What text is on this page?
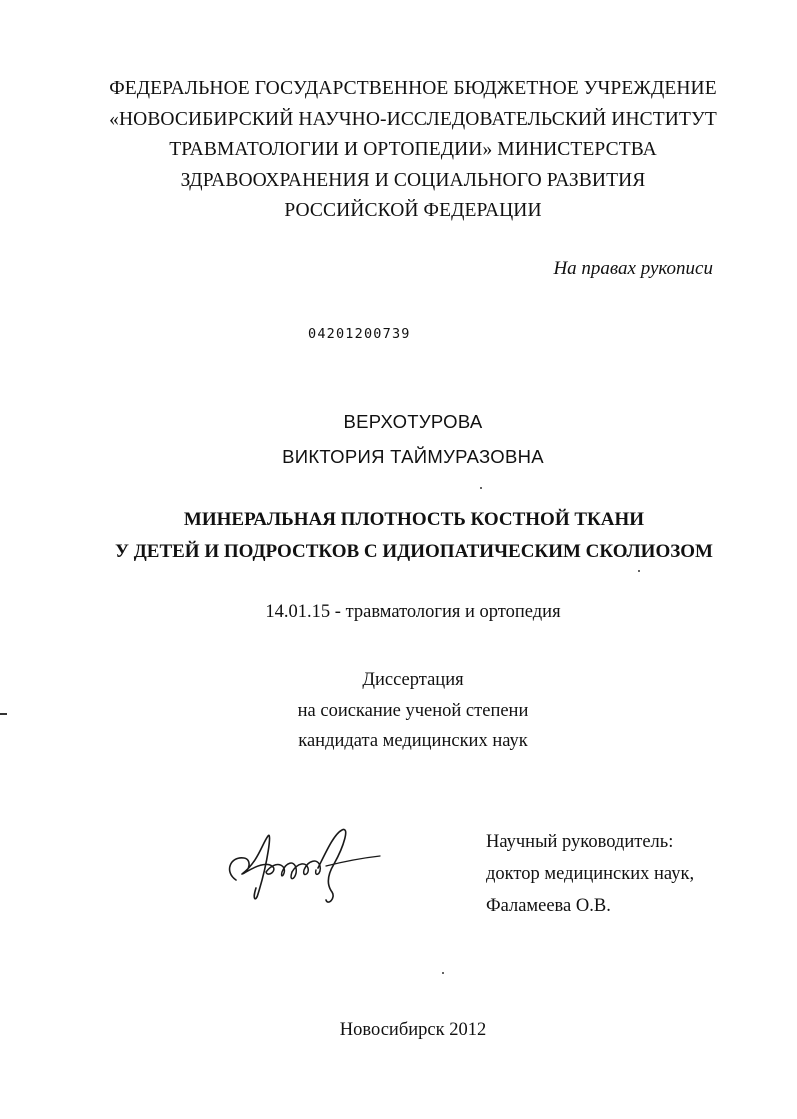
ФЕДЕРАЛЬНОЕ ГОСУДАРСТВЕННОЕ БЮДЖЕТНОЕ УЧРЕЖДЕНИЕ
«НОВОСИБИРСКИЙ НАУЧНО-ИССЛЕДОВАТЕЛЬСКИЙ ИНСТИТУТ
ТРАВМАТОЛОГИИ И ОРТОПЕДИИ» МИНИСТЕРСТВА
ЗДРАВООХРАНЕНИЯ И СОЦИАЛЬНОГО РАЗВИТИЯ
РОССИЙСКОЙ ФЕДЕРАЦИИ
На правах рукописи
04201200739
ВЕРХОТУРОВА
ВИКТОРИЯ ТАЙМУРАЗОВНА
МИНЕРАЛЬНАЯ ПЛОТНОСТЬ КОСТНОЙ ТКАНИ
У ДЕТЕЙ И ПОДРОСТКОВ С ИДИОПАТИЧЕСКИМ СКОЛИОЗОМ
14.01.15 - травматология и ортопедия
Диссертация
на соискание ученой степени
кандидата медицинских наук
Научный руководитель:
доктор медицинских наук,
Фаламеева О.В.
Новосибирск 2012
